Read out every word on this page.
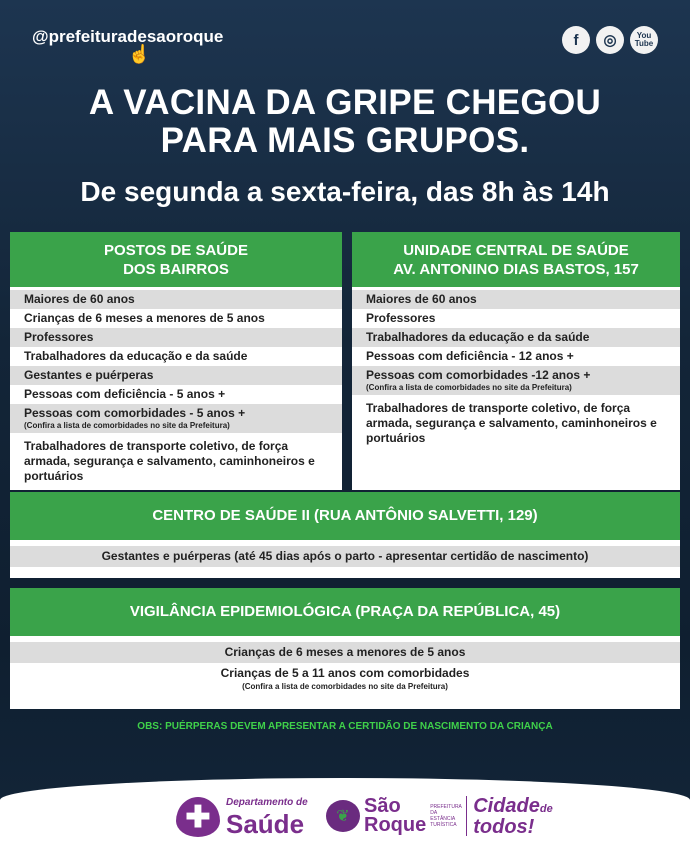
@prefeituradesaoroque
☝
f	◎	You Tube
A VACINA DA GRIPE CHEGOU
PARA MAIS GRUPOS.
De segunda a sexta-feira, das 8h às 14h
POSTOS DE SAÚDE
DOS BAIRROS
Maiores de 60 anos
Crianças de 6 meses a menores de 5 anos
Professores
Trabalhadores da educação e da saúde
Gestantes e puérperas
Pessoas com deficiência - 5 anos +
Pessoas com comorbidades - 5 anos +
(Confira a lista de comorbidades no site da Prefeitura)
Trabalhadores de transporte coletivo, de força armada, segurança e salvamento, caminhoneiros e portuários
UNIDADE CENTRAL DE SAÚDE
AV. ANTONINO DIAS BASTOS, 157
Maiores de 60 anos
Professores
Trabalhadores da educação e da saúde
Pessoas com deficiência - 12 anos +
Pessoas com comorbidades -12 anos +
(Confira a lista de comorbidades no site da Prefeitura)
Trabalhadores de transporte coletivo, de força armada, segurança e salvamento, caminhoneiros e portuários
CENTRO DE SAÚDE II (RUA ANTÔNIO SALVETTI, 129)
Gestantes e puérperas (até 45 dias após o parto - apresentar certidão de nascimento)
VIGILÂNCIA EPIDEMIOLÓGICA (PRAÇA DA REPÚBLICA, 45)
Crianças de 6 meses a menores de 5 anos
Crianças de 5 a 11 anos com comorbidades
(Confira a lista de comorbidades no site da Prefeitura)
OBS: PUÉRPERAS DEVEM APRESENTAR A CERTIDÃO DE NASCIMENTO DA CRIANÇA
✚	Departamento de
Saúde	❦ São
Roque
PREFEITURA DA ESTÂNCIA TURÍSTICA
Cidadede
todos!
